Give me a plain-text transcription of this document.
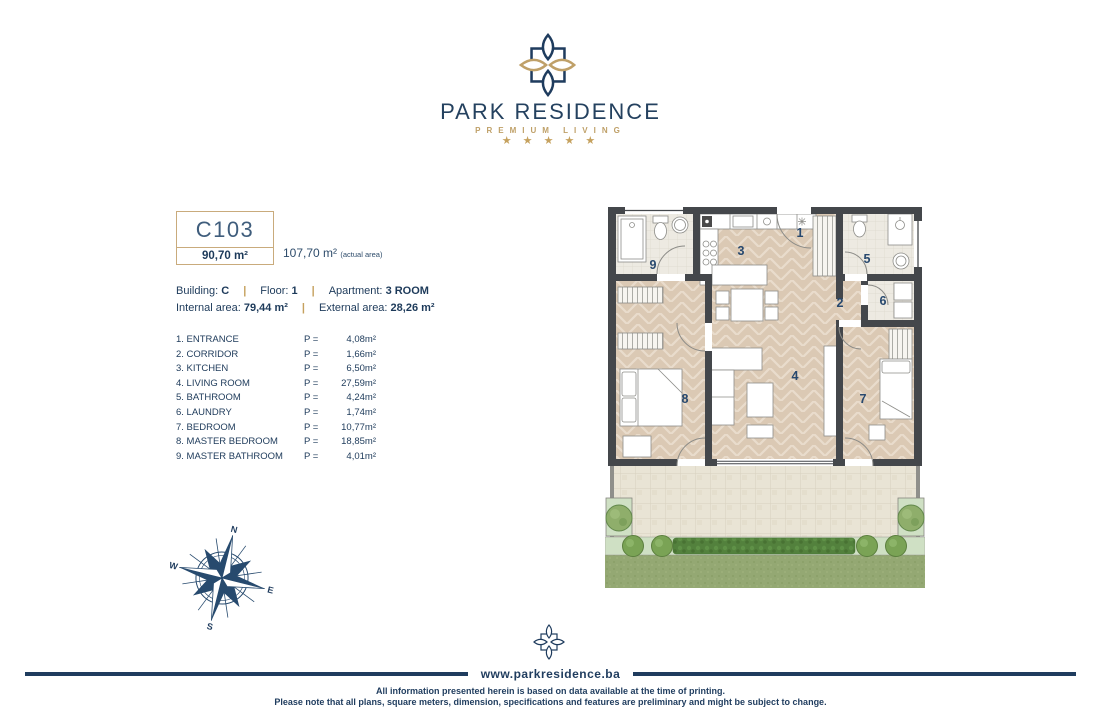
PARK RESIDENCE
PREMIUM LIVING
★ ★ ★ ★ ★
C103
90,70 m²	107,70 m² (actual area)
Building: C | Floor: 1 | Apartment: 3 ROOM
Internal area: 79,44 m² | External area: 28,26 m²
1. ENTRANCE	P =	4,08m²
2. CORRIDOR	P =	1,66m²
3. KITCHEN	P =	6,50m²
4. LIVING ROOM	P = 27,59m²
5. BATHROOM	P =	4,24m²
6. LAUNDRY	P =	1,74m²
7. BEDROOM	P = 10,77m²
8. MASTER BEDROOM	P = 18,85m²
9. MASTER BATHROOM P =	4,01m²
N
E
S
W
1
2
3
4
5
6
7
8
9
www.parkresidence.ba
All information presented herein is based on data available at the time of printing.
Please note that all plans, square meters, dimension, specifications and features are preliminary and might be subject to change.
